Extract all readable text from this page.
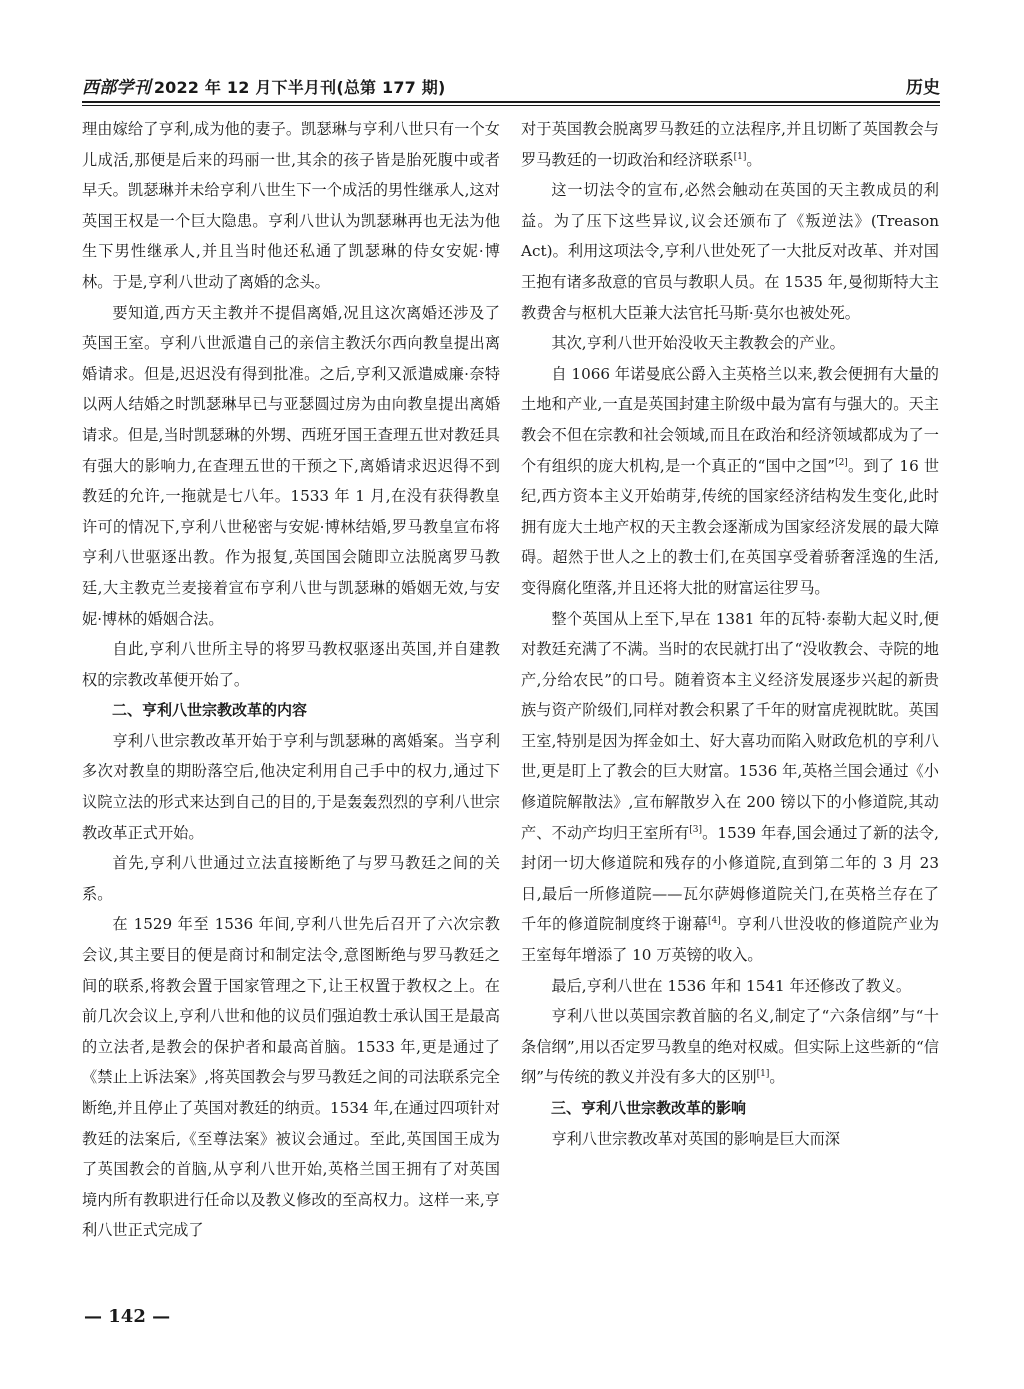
西部学刊 2022 年 12 月下半月刊(总第 177 期)	历史

理由嫁给了亨利,成为他的妻子。凯瑟琳与亨利八世只有一个女儿成活,那便是后来的玛丽一世,其余的孩子皆是胎死腹中或者早夭。凯瑟琳并未给亨利八世生下一个成活的男性继承人,这对英国王权是一个巨大隐患。亨利八世认为凯瑟琳再也无法为他生下男性继承人,并且当时他还私通了凯瑟琳的侍女安妮·博林。于是,亨利八世动了离婚的念头。

要知道,西方天主教并不提倡离婚,况且这次离婚还涉及了英国王室。亨利八世派遣自己的亲信主教沃尔西向教皇提出离婚请求。但是,迟迟没有得到批准。之后,亨利又派遣威廉·奈特以两人结婚之时凯瑟琳早已与亚瑟圆过房为由向教皇提出离婚请求。但是,当时凯瑟琳的外甥、西班牙国王查理五世对教廷具有强大的影响力,在查理五世的干预之下,离婚请求迟迟得不到教廷的允许,一拖就是七八年。1533 年 1 月,在没有获得教皇许可的情况下,亨利八世秘密与安妮·博林结婚,罗马教皇宣布将亨利八世驱逐出教。作为报复,英国国会随即立法脱离罗马教廷,大主教克兰麦接着宣布亨利八世与凯瑟琳的婚姻无效,与安妮·博林的婚姻合法。

自此,亨利八世所主导的将罗马教权驱逐出英国,并自建教权的宗教改革便开始了。

二、亨利八世宗教改革的内容

亨利八世宗教改革开始于亨利与凯瑟琳的离婚案。当亨利多次对教皇的期盼落空后,他决定利用自己手中的权力,通过下议院立法的形式来达到自己的目的,于是轰轰烈烈的亨利八世宗教改革正式开始。

首先,亨利八世通过立法直接断绝了与罗马教廷之间的关系。

在 1529 年至 1536 年间,亨利八世先后召开了六次宗教会议,其主要目的便是商讨和制定法令,意图断绝与罗马教廷之间的联系,将教会置于国家管理之下,让王权置于教权之上。在前几次会议上,亨利八世和他的议员们强迫教士承认国王是最高的立法者,是教会的保护者和最高首脑。1533 年,更是通过了《禁止上诉法案》,将英国教会与罗马教廷之间的司法联系完全断绝,并且停止了英国对教廷的纳贡。1534 年,在通过四项针对教廷的法案后,《至尊法案》被议会通过。至此,英国国王成为了英国教会的首脑,从亨利八世开始,英格兰国王拥有了对英国境内所有教职进行任命以及教义修改的至高权力。这样一来,亨利八世正式完成了

对于英国教会脱离罗马教廷的立法程序,并且切断了英国教会与罗马教廷的一切政治和经济联系[1]。

这一切法令的宣布,必然会触动在英国的天主教成员的利益。为了压下这些异议,议会还颁布了《叛逆法》(Treason Act)。利用这项法令,亨利八世处死了一大批反对改革、并对国王抱有诸多敌意的官员与教职人员。在 1535 年,曼彻斯特大主教费舍与枢机大臣兼大法官托马斯·莫尔也被处死。

其次,亨利八世开始没收天主教教会的产业。

自 1066 年诺曼底公爵入主英格兰以来,教会便拥有大量的土地和产业,一直是英国封建主阶级中最为富有与强大的。天主教会不但在宗教和社会领域,而且在政治和经济领域都成为了一个有组织的庞大机构,是一个真正的“国中之国”[2]。到了 16 世纪,西方资本主义开始萌芽,传统的国家经济结构发生变化,此时拥有庞大土地产权的天主教会逐渐成为国家经济发展的最大障碍。超然于世人之上的教士们,在英国享受着骄奢淫逸的生活,变得腐化堕落,并且还将大批的财富运往罗马。

整个英国从上至下,早在 1381 年的瓦特·泰勒大起义时,便对教廷充满了不满。当时的农民就打出了“没收教会、寺院的地产,分给农民”的口号。随着资本主义经济发展逐步兴起的新贵族与资产阶级们,同样对教会积累了千年的财富虎视眈眈。英国王室,特别是因为挥金如土、好大喜功而陷入财政危机的亨利八世,更是盯上了教会的巨大财富。1536 年,英格兰国会通过《小修道院解散法》,宣布解散岁入在 200 镑以下的小修道院,其动产、不动产均归王室所有[3]。1539 年春,国会通过了新的法令,封闭一切大修道院和残存的小修道院,直到第二年的 3 月 23 日,最后一所修道院——瓦尔萨姆修道院关门,在英格兰存在了千年的修道院制度终于谢幕[4]。亨利八世没收的修道院产业为王室每年增添了 10 万英镑的收入。

最后,亨利八世在 1536 年和 1541 年还修改了教义。

亨利八世以英国宗教首脑的名义,制定了“六条信纲”与“十条信纲”,用以否定罗马教皇的绝对权威。但实际上这些新的“信纲”与传统的教义并没有多大的区别[1]。

三、亨利八世宗教改革的影响

亨利八世宗教改革对英国的影响是巨大而深

— 142 —
